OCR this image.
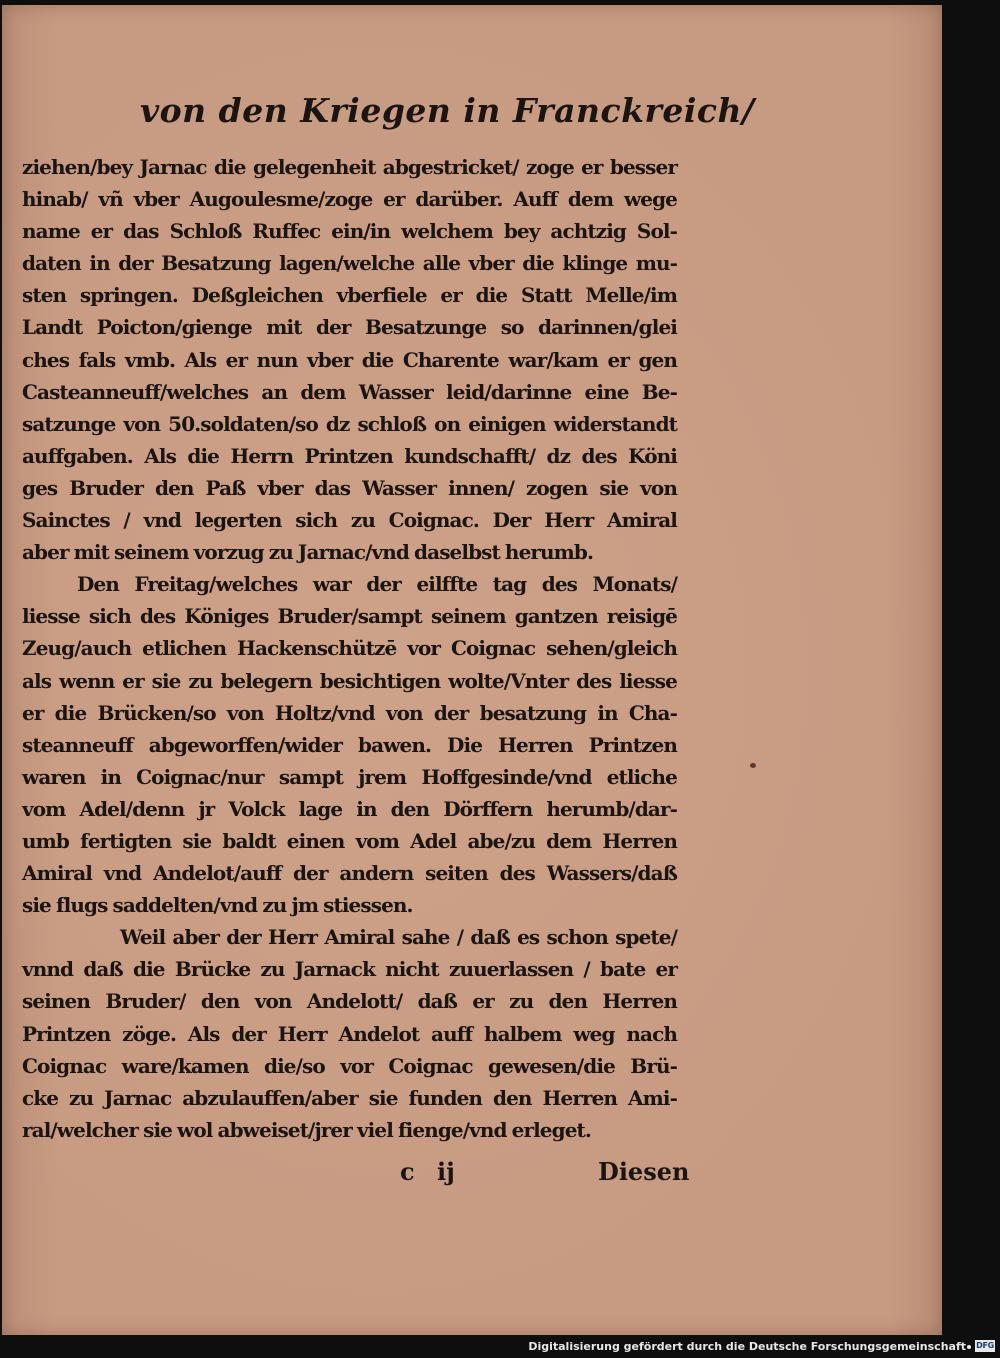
von den Kriegen in Franckreich/
ziehen/bey Jarnac die gelegenheit abgestricket/ zoge er besser
hinab/ vñ vber Augoulesme/zoge er darüber. Auff dem wege
name er das Schloß Ruffec ein/in welchem bey achtzig Sol-
daten in der Besatzung lagen/welche alle vber die klinge mu-
sten springen. Deßgleichen vberfiele er die Statt Melle/im
Landt Poicton/gienge mit der Besatzunge so darinnen/glei
ches fals vmb. Als er nun vber die Charente war/kam er gen
Casteanneuff/welches an dem Wasser leid/darinne eine Be-
satzunge von 50.soldaten/so dz schloß on einigen widerstandt
auffgaben. Als die Herrn Printzen kundschafft/ dz des Köni
ges Bruder den Paß vber das Wasser innen/ zogen sie von
Sainctes / vnd legerten sich zu Coignac. Der Herr Amiral
aber mit seinem vorzug zu Jarnac/vnd daselbst herumb.
Den Freitag/welches war der eilffte tag des Monats/
liesse sich des Königes Bruder/sampt seinem gantzen reisigē
Zeug/auch etlichen Hackenschützē vor Coignac sehen/gleich
als wenn er sie zu belegern besichtigen wolte/Vnter des liesse
er die Brücken/so von Holtz/vnd von der besatzung in Cha-
steanneuff abgeworffen/wider bawen. Die Herren Printzen
waren in Coignac/nur sampt jrem Hoffgesinde/vnd etliche
vom Adel/denn jr Volck lage in den Dörffern herumb/dar-
umb fertigten sie baldt einen vom Adel abe/zu dem Herren
Amiral vnd Andelot/auff der andern seiten des Wassers/daß
sie flugs saddelten/vnd zu jm stiessen.
Weil aber der Herr Amiral sahe / daß es schon spete/
vnnd daß die Brücke zu Jarnack nicht zuuerlassen / bate er
seinen Bruder/ den von Andelott/ daß er zu den Herren
Printzen zöge. Als der Herr Andelot auff halbem weg nach
Coignac ware/kamen die/so vor Coignac gewesen/die Brü-
cke zu Jarnac abzulauffen/aber sie funden den Herren Ami-
ral/welcher sie wol abweiset/jrer viel fienge/vnd erleget.
c ij	Diesen
Digitalisierung gefördert durch die Deutsche Forschungsgemeinschaft DFG
